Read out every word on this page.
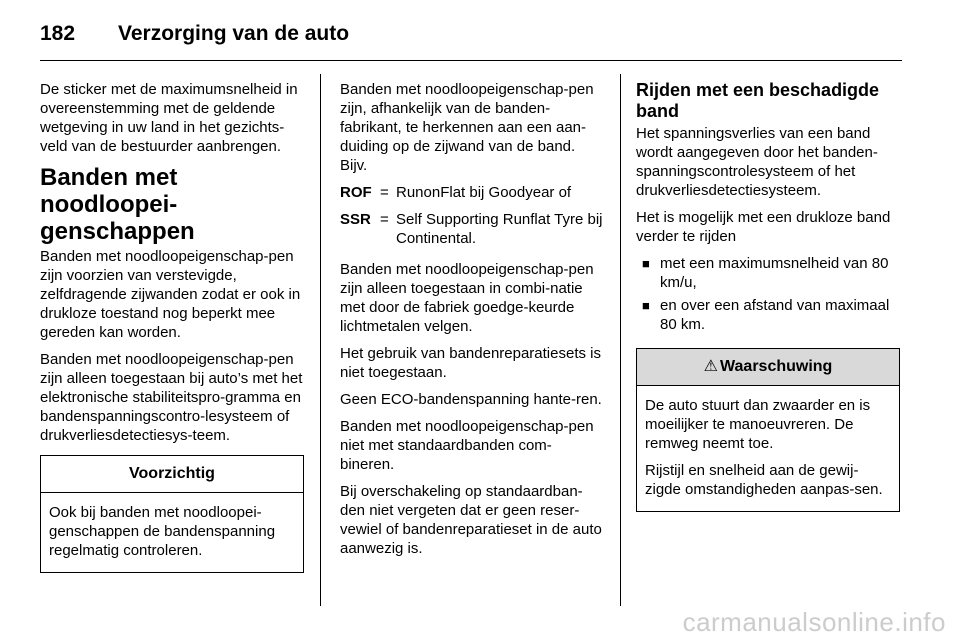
182	Verzorging van de auto

De sticker met de maximumsnelheid in overeenstemming met de geldende wetgeving in uw land in het gezichts-veld van de bestuurder aanbrengen.

Banden met noodloopei-genschappen

Banden met noodloopeigenschap-pen zijn voorzien van verstevigde, zelfdragende zijwanden zodat er ook in drukloze toestand nog beperkt mee gereden kan worden.

Banden met noodloopeigenschap-pen zijn alleen toegestaan bij auto’s met het elektronische stabiliteitspro-gramma en bandenspanningscontro-lesysteem of drukverliesdetectiesys-teem.

Voorzichtig

Ook bij banden met noodloopei-genschappen de bandenspanning regelmatig controleren.

Banden met noodloopeigenschap-pen zijn, afhankelijk van de banden-fabrikant, te herkennen aan een aan-duiding op de zijwand van de band. Bijv.

ROF = RunonFlat bij Goodyear of
SSR = Self Supporting Runflat Tyre bij Continental.

Banden met noodloopeigenschap-pen zijn alleen toegestaan in combi-natie met door de fabriek goedge-keurde lichtmetalen velgen.

Het gebruik van bandenreparatiesets is niet toegestaan.

Geen ECO-bandenspanning hante-ren.

Banden met noodloopeigenschap-pen niet met standaardbanden com-bineren.

Bij overschakeling op standaardban-den niet vergeten dat er geen reser-vewiel of bandenreparatieset in de auto aanwezig is.

Rijden met een beschadigde band

Het spanningsverlies van een band wordt aangegeven door het banden-spanningscontrolesysteem of het drukverliesdetectiesysteem.

Het is mogelijk met een drukloze band verder te rijden

■ met een maximumsnelheid van 80 km/u,
■ en over een afstand van maximaal 80 km.
⚠ Waarschuwing

De auto stuurt dan zwaarder en is moeilijker te manoeuvreren. De remweg neemt toe.

Rijstijl en snelheid aan de gewij-zigde omstandigheden aanpas-sen.

carmanualsonline.info
